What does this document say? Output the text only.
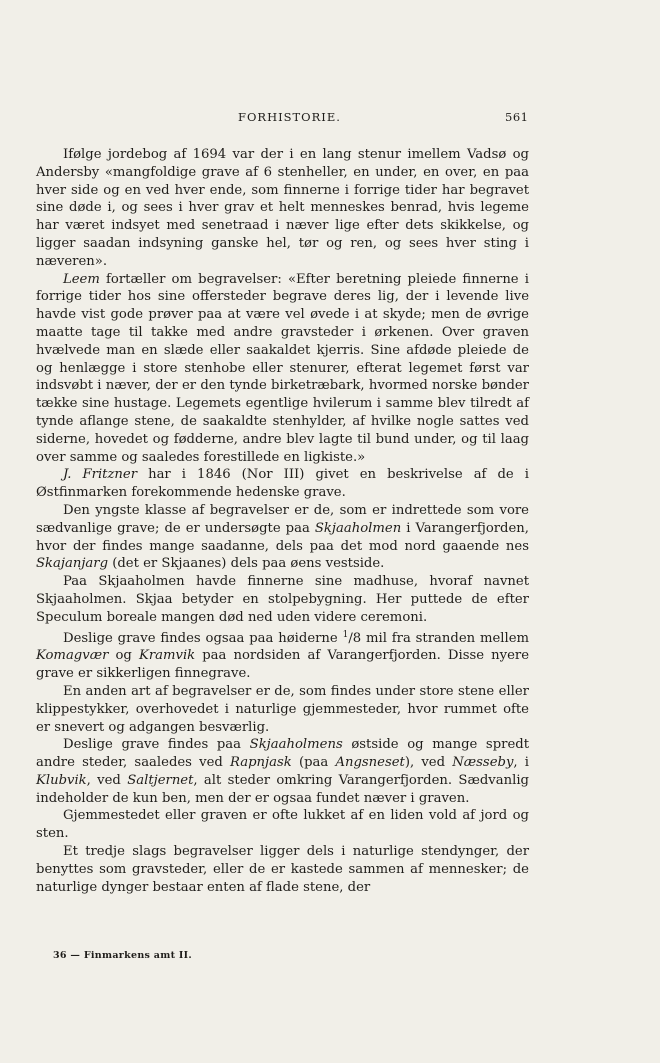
FORHISTORIE.	561

Ifølge jordebog af 1694 var der i en lang stenur imellem Vadsø og Andersby «mangfoldige grave af 6 stenheller, en under, en over, en paa hver side og en ved hver ende, som finnerne i forrige tider har begravet sine døde i, og sees i hver grav et helt menneskes benrad, hvis legeme har været indsyet med senetraad i næver lige efter dets skikkelse, og ligger saadan indsyning ganske hel, tør og ren, og sees hver sting i næveren».

Leem fortæller om begravelser: «Efter beretning pleiede finnerne i forrige tider hos sine offersteder begrave deres lig, der i levende live havde vist gode prøver paa at være vel øvede i at skyde; men de øvrige maatte tage til takke med andre gravsteder i ørkenen. Over graven hvælvede man en slæde eller saakaldet kjerris. Sine afdøde pleiede de og henlægge i store stenhobe eller stenurer, efterat legemet først var indsvøbt i næver, der er den tynde birketræbark, hvormed norske bønder tække sine hustage. Legemets egentlige hvilerum i samme blev tilredt af tynde aflange stene, de saakaldte stenhylder, af hvilke nogle sattes ved siderne, hovedet og fødderne, andre blev lagte til bund under, og til laag over samme og saaledes forestillede en ligkiste.»

J. Fritzner har i 1846 (Nor III) givet en beskrivelse af de i Østfinmarken forekommende hedenske grave.

Den yngste klasse af begravelser er de, som er indrettede som vore sædvanlige grave; de er undersøgte paa Skjaaholmen i Varangerfjorden, hvor der findes mange saadanne, dels paa det mod nord gaaende nes Skajanjarg (det er Skjaanes) dels paa øens vestside.

Paa Skjaaholmen havde finnerne sine madhuse, hvoraf navnet Skjaaholmen. Skjaa betyder en stolpebygning. Her puttede de efter Speculum boreale mangen død ned uden videre ceremoni.

Deslige grave findes ogsaa paa høiderne $^1$/8 mil fra stranden mellem Komagvær og Kramvik paa nordsiden af Varangerfjorden. Disse nyere grave er sikkerligen finnegrave.

En anden art af begravelser er de, som findes under store stene eller klippestykker, overhovedet i naturlige gjemmesteder, hvor rummet ofte er snevert og adgangen besværlig.

Deslige grave findes paa Skjaaholmens østside og mange spredt andre steder, saaledes ved Rapnjask (paa Angsneset), ved Næsseby, i Klubvik, ved Saltjernet, alt steder omkring Varangerfjorden. Sædvanlig indeholder de kun ben, men der er ogsaa fundet næver i graven.

Gjemmestedet eller graven er ofte lukket af en liden vold af jord og sten.

Et tredje slags begravelser ligger dels i naturlige stendynger, der benyttes som gravsteder, eller de er kastede sammen af mennesker; de naturlige dynger bestaar enten af flade stene, der

36 — Finmarkens amt II.
